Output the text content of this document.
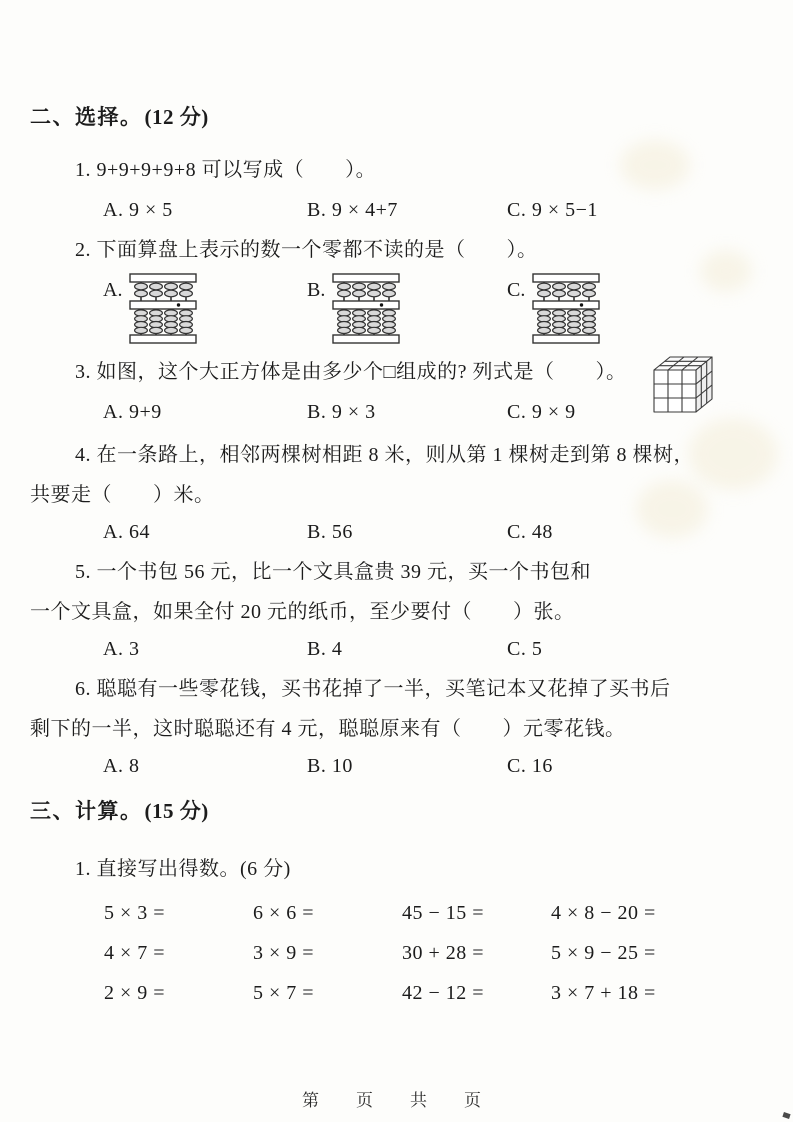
二、选择。(12 分)
1. 9+9+9+9+8 可以写成（　　）。
A. 9 × 5	B. 9 × 4+7	C. 9 × 5−1
2. 下面算盘上表示的数一个零都不读的是（　　）。
A.	B.	C.
3. 如图，这个大正方体是由多少个□组成的? 列式是（　　）。
A. 9+9	B. 9 × 3	C. 9 × 9
4. 在一条路上，相邻两棵树相距 8 米，则从第 1 棵树走到第 8 棵树，
共要走（　　）米。
A. 64	B. 56	C. 48
5. 一个书包 56 元，比一个文具盒贵 39 元，买一个书包和
一个文具盒，如果全付 20 元的纸币，至少要付（　　）张。
A. 3	B. 4	C. 5
6. 聪聪有一些零花钱，买书花掉了一半，买笔记本又花掉了买书后
剩下的一半，这时聪聪还有 4 元，聪聪原来有（　　）元零花钱。
A. 8	B. 10	C. 16
三、计算。(15 分)
1. 直接写出得数。(6 分)
5 × 3 =	6 × 6 =	45 − 15 =	4 × 8 − 20 =
4 × 7 =	3 × 9 =	30 + 28 =	5 × 9 − 25 =
2 × 9 =	5 × 7 =	42 − 12 =	3 × 7 + 18 =
第　页　共　页
